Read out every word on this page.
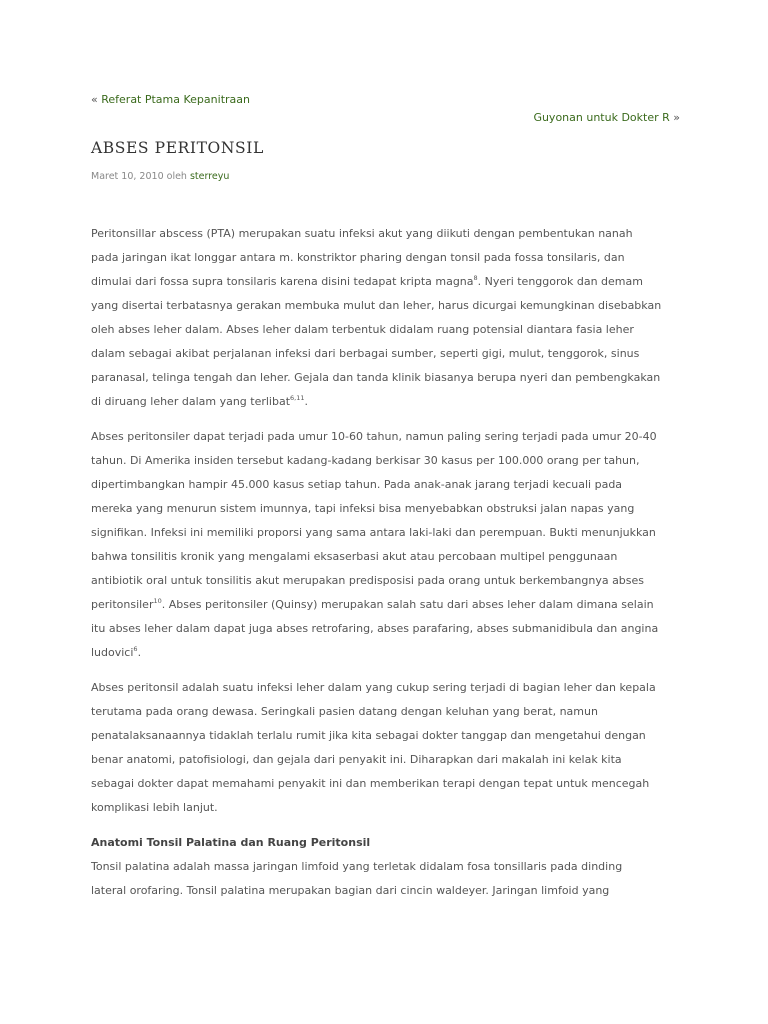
« Referat Ptama Kepanitraan
Guyonan untuk Dokter R »
ABSES PERITONSIL
Maret 10, 2010 oleh sterreyu

Peritonsillar abscess (PTA) merupakan suatu infeksi akut yang diikuti dengan pembentukan nanah
pada jaringan ikat longgar antara m. konstriktor pharing dengan tonsil pada fossa tonsilaris, dan
dimulai dari fossa supra tonsilaris karena disini tedapat kripta magna$^8$. Nyeri tenggorok dan demam
yang disertai terbatasnya gerakan membuka mulut dan leher, harus dicurgai kemungkinan disebabkan
oleh abses leher dalam. Abses leher dalam terbentuk didalam ruang potensial diantara fasia leher
dalam sebagai akibat perjalanan infeksi dari berbagai sumber, seperti gigi, mulut, tenggorok, sinus
paranasal, telinga tengah dan leher. Gejala dan tanda klinik biasanya berupa nyeri dan pembengkakan
di diruang leher dalam yang terlibat$^{6,11}$.

Abses peritonsiler dapat terjadi pada umur 10-60 tahun, namun paling sering terjadi pada umur 20-40
tahun. Di Amerika insiden tersebut kadang-kadang berkisar 30 kasus per 100.000 orang per tahun,
dipertimbangkan hampir 45.000 kasus setiap tahun. Pada anak-anak jarang terjadi kecuali pada
mereka yang menurun sistem imunnya, tapi infeksi bisa menyebabkan obstruksi jalan napas yang
signifikan. Infeksi ini memiliki proporsi yang sama antara laki-laki dan perempuan. Bukti menunjukkan
bahwa tonsilitis kronik yang mengalami eksaserbasi akut atau percobaan multipel penggunaan
antibiotik oral untuk tonsilitis akut merupakan predisposisi pada orang untuk berkembangnya abses
peritonsiler$^{10}$. Abses peritonsiler (Quinsy) merupakan salah satu dari abses leher dalam dimana selain
itu abses leher dalam dapat juga abses retrofaring, abses parafaring, abses submanidibula dan angina
ludovici$^6$.

Abses peritonsil adalah suatu infeksi leher dalam yang cukup sering terjadi di bagian leher dan kepala
terutama pada orang dewasa. Seringkali pasien datang dengan keluhan yang berat, namun
penatalaksanaannya tidaklah terlalu rumit jika kita sebagai dokter tanggap dan mengetahui dengan
benar anatomi, patofisiologi, dan gejala dari penyakit ini. Diharapkan dari makalah ini kelak kita
sebagai dokter dapat memahami penyakit ini dan memberikan terapi dengan tepat untuk mencegah
komplikasi lebih lanjut.

Anatomi Tonsil Palatina dan Ruang Peritonsil

Tonsil palatina adalah massa jaringan limfoid yang terletak didalam fosa tonsillaris pada dinding
lateral orofaring. Tonsil palatina merupakan bagian dari cincin waldeyer. Jaringan limfoid yang
